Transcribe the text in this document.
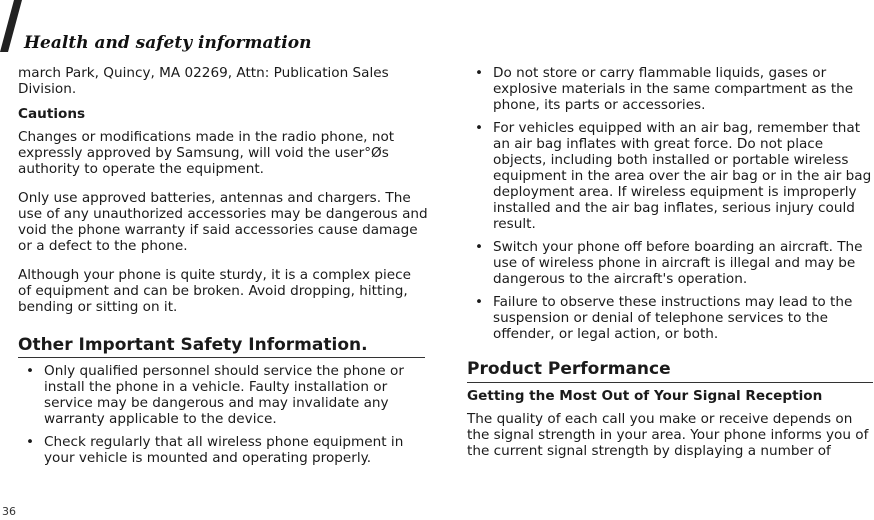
Health and safety information

march Park, Quincy, MA 02269, Attn: Publication Sales Division.

Cautions

Changes or modifications made in the radio phone, not expressly approved by Samsung, will void the user°Øs authority to operate the equipment.

Only use approved batteries, antennas and chargers. The use of any unauthorized accessories may be dangerous and void the phone warranty if said accessories cause damage or a defect to the phone.

Although your phone is quite sturdy, it is a complex piece of equipment and can be broken. Avoid dropping, hitting, bending or sitting on it.

Other Important Safety Information.

• Only qualified personnel should service the phone or install the phone in a vehicle. Faulty installation or service may be dangerous and may invalidate any warranty applicable to the device.
• Check regularly that all wireless phone equipment in your vehicle is mounted and operating properly.
• Do not store or carry flammable liquids, gases or explosive materials in the same compartment as the phone, its parts or accessories.
• For vehicles equipped with an air bag, remember that an air bag inflates with great force. Do not place objects, including both installed or portable wireless equipment in the area over the air bag or in the air bag deployment area. If wireless equipment is improperly installed and the air bag inflates, serious injury could result.
• Switch your phone off before boarding an aircraft. The use of wireless phone in aircraft is illegal and may be dangerous to the aircraft's operation.
• Failure to observe these instructions may lead to the suspension or denial of telephone services to the offender, or legal action, or both.

Product Performance

Getting the Most Out of Your Signal Reception

The quality of each call you make or receive depends on the signal strength in your area. Your phone informs you of the current signal strength by displaying a number of

36
